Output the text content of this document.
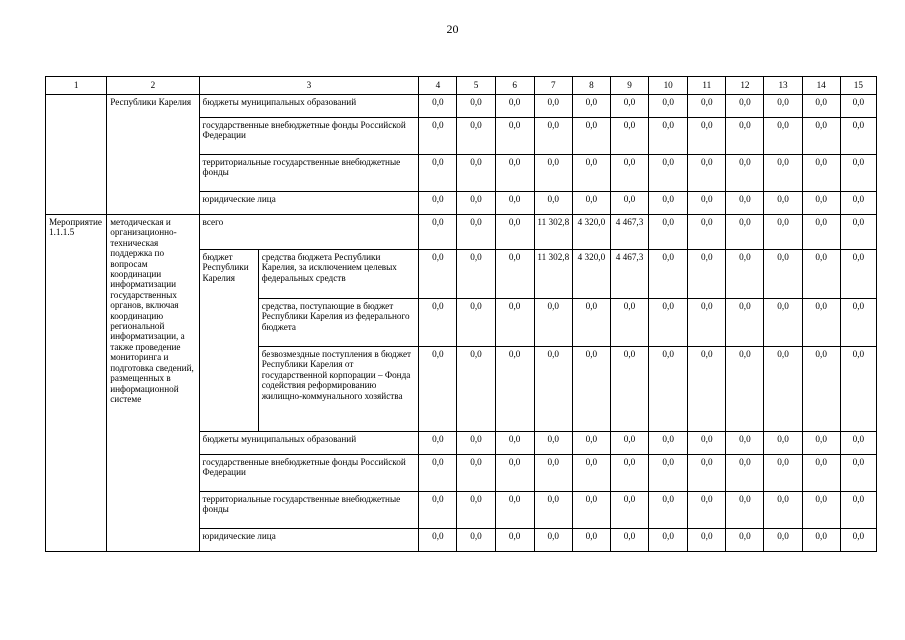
20
1	2	3		4	5	6	7	8	9	10	11	12	13	14	15
	Республики Карелия	бюджеты муниципальных образований		0,0	0,0	0,0	0,0	0,0	0,0	0,0	0,0	0,0	0,0	0,0	0,0
		государственные внебюджетные фонды Российской Федерации		0,0	0,0	0,0	0,0	0,0	0,0	0,0	0,0	0,0	0,0	0,0	0,0
		территориальные государственные внебюджетные фонды		0,0	0,0	0,0	0,0	0,0	0,0	0,0	0,0	0,0	0,0	0,0	0,0
		юридические лица		0,0	0,0	0,0	0,0	0,0	0,0	0,0	0,0	0,0	0,0	0,0	0,0
Мероприятие 1.1.1.5	методическая и организационно-техническая поддержка по вопросам координации информатизации государственных органов, включая координацию региональной информатизации, а также проведение мониторинга и подготовка сведений, размещенных в информационной системе	всего		0,0	0,0	0,0	11 302,8	4 320,0	4 467,3	0,0	0,0	0,0	0,0	0,0	0,0
		бюджет Республики Карелия	средства бюджета Республики Карелия, за исключением целевых федеральных средств	0,0	0,0	0,0	11 302,8	4 320,0	4 467,3	0,0	0,0	0,0	0,0	0,0	0,0
			средства, поступающие в бюджет Республики Карелия из федерального бюджета	0,0	0,0	0,0	0,0	0,0	0,0	0,0	0,0	0,0	0,0	0,0	0,0
			безвозмездные поступления в бюджет Республики Карелия от государственной корпорации – Фонда содействия реформированию жилищно-коммунального хозяйства	0,0	0,0	0,0	0,0	0,0	0,0	0,0	0,0	0,0	0,0	0,0	0,0
		бюджеты муниципальных образований		0,0	0,0	0,0	0,0	0,0	0,0	0,0	0,0	0,0	0,0	0,0	0,0
		государственные внебюджетные фонды Российской Федерации		0,0	0,0	0,0	0,0	0,0	0,0	0,0	0,0	0,0	0,0	0,0	0,0
		территориальные государственные внебюджетные фонды		0,0	0,0	0,0	0,0	0,0	0,0	0,0	0,0	0,0	0,0	0,0	0,0
		юридические лица		0,0	0,0	0,0	0,0	0,0	0,0	0,0	0,0	0,0	0,0	0,0	0,0
